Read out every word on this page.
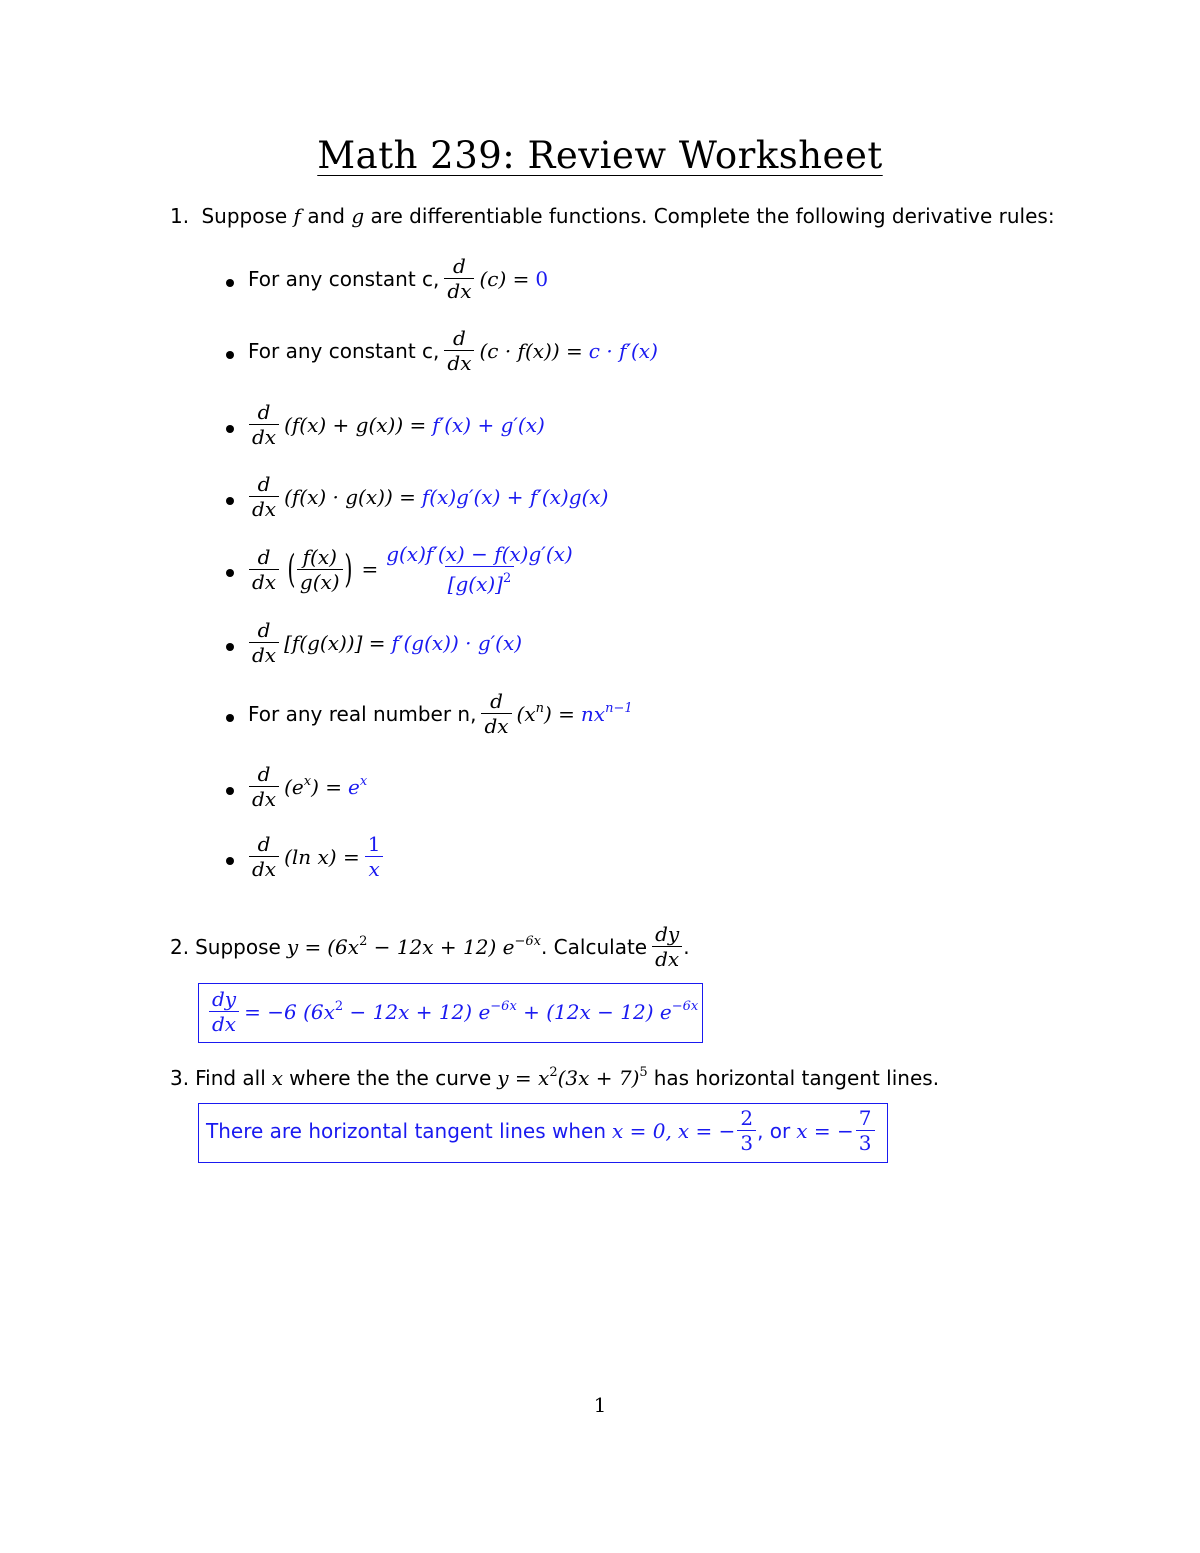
Math 239: Review Worksheet
1. Suppose f and g are differentiable functions. Complete the following derivative rules:
For any constant c, $\frac{d}{dx} (c) = 0$
For any constant c, $\frac{d}{dx} (c \cdot f(x)) = c \cdot f'(x)$
$\frac{d}{dx} (f(x) + g(x)) = f'(x) + g'(x)$
$\frac{d}{dx} (f(x) \cdot g(x)) = f(x)g'(x) + f'(x)g(x)$
$\frac{d}{dx}$ ( $\frac{f(x)}{g(x)}$ ) = $\frac{g(x)f'(x) - f(x)g'(x)}{[g(x)]^2}$
$\frac{d}{dx} [f(g(x))] = f'(g(x)) \cdot g'(x)$
For any real number n, $\frac{d}{dx} (x^n) = nx^{n-1}$
$\frac{d}{dx} (e^x) = e^x$
$\frac{d}{dx} (\ln$ $x) = \frac{1}{x}$
2. Suppose $y = (6x^2 - 12x + 12)$ $e^{-6x}$ . Calculate $\frac{dy}{dx}$ .
$\frac{dy}{dx} = -6$ $(6x^2 - 12x + 12) e^{-6x} + (12x - 12)$ $e^{-6x}$
3. Find all x where the the curve $y = x^2(3x + 7)^5$ has horizontal tangent lines.
There are horizontal tangent lines when x = 0, x = − $\frac{2}{3}$ , or x = − $\frac{7}{3}$
1
